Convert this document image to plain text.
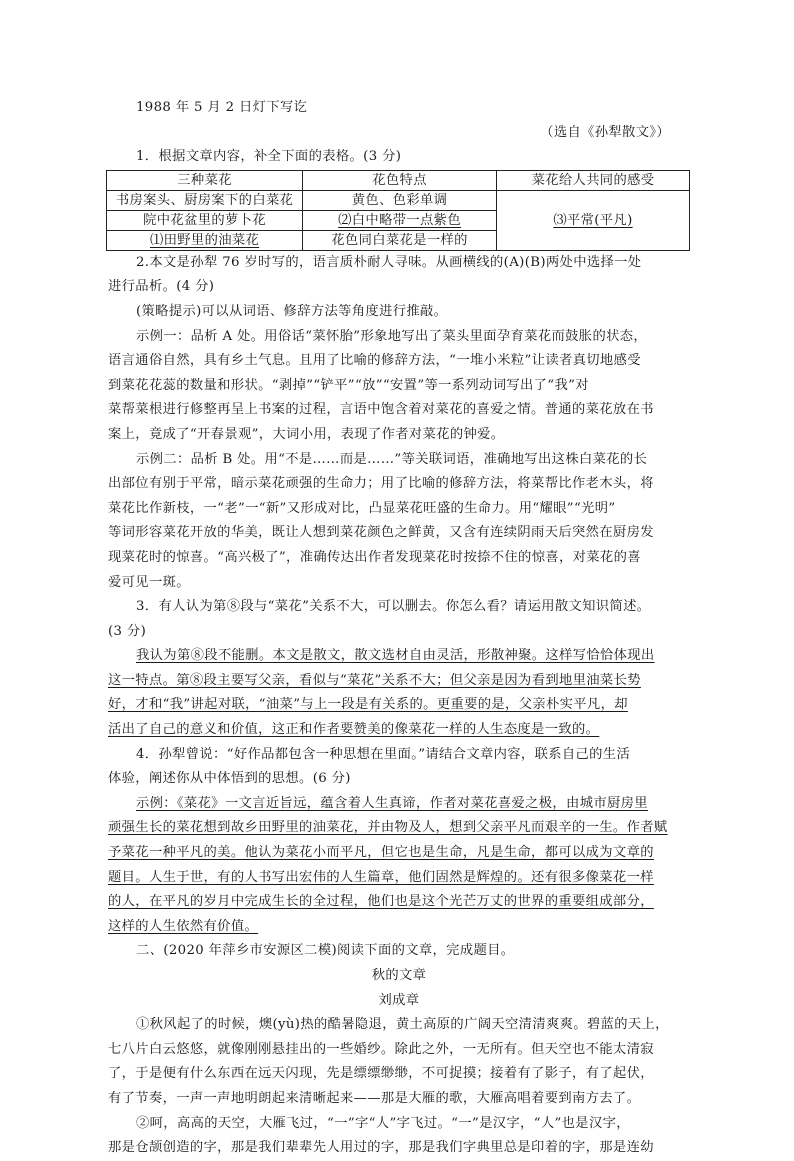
1988 年 5 月 2 日灯下写讫
（选自《孙犁散文》）
1．根据文章内容，补全下面的表格。(3 分)
三种菜花	花色特点	菜花给人共同的感受
书房案头、厨房案下的白菜花	黄色、色彩单调	⑶平常(平凡)
院中花盆里的萝卜花	⑵白中略带一点紫色	
⑴田野里的油菜花	花色同白菜花是一样的	
2.本文是孙犁 76 岁时写的，语言质朴耐人寻味。从画横线的(A)(B)两处中选择一处
进行品析。(4 分)
(策略提示)可以从词语、修辞方法等角度进行推敲。
示例一：品析 A 处。用俗话“菜怀胎”形象地写出了菜头里面孕育菜花而鼓胀的状态，
语言通俗自然，具有乡土气息。且用了比喻的修辞方法，“一堆小米粒”让读者真切地感受
到菜花花蕊的数量和形状。“剥掉”“铲平”“放”“安置”等一系列动词写出了“我”对
菜帮菜根进行修整再呈上书案的过程，言语中饱含着对菜花的喜爱之情。普通的菜花放在书
案上，竟成了“开春景观”，大词小用，表现了作者对菜花的钟爱。
示例二：品析 B 处。用“不是……而是……”等关联词语，准确地写出这株白菜花的长
出部位有别于平常，暗示菜花顽强的生命力；用了比喻的修辞方法，将菜帮比作老木头，将
菜花比作新枝，一“老”一“新”又形成对比，凸显菜花旺盛的生命力。用“耀眼”“光明”
等词形容菜花开放的华美，既让人想到菜花颜色之鲜黄，又含有连续阴雨天后突然在厨房发
现菜花时的惊喜。“高兴极了”，准确传达出作者发现菜花时按捺不住的惊喜，对菜花的喜
爱可见一斑。
3．有人认为第⑧段与“菜花”关系不大，可以删去。你怎么看？请运用散文知识简述。
(3 分)
我认为第⑧段不能删。本文是散文，散文选材自由灵活，形散神聚。这样写恰恰体现出
这一特点。第⑧段主要写父亲，看似与“菜花”关系不大；但父亲是因为看到地里油菜长势
好，才和“我”讲起对联，“油菜”与上一段是有关系的。更重要的是，父亲朴实平凡，却
活出了自己的意义和价值，这正和作者要赞美的像菜花一样的人生态度是一致的。
4．孙犁曾说：“好作品都包含一种思想在里面。”请结合文章内容，联系自己的生活
体验，阐述你从中体悟到的思想。(6 分)
示例：《菜花》一文言近旨远，蕴含着人生真谛，作者对菜花喜爱之极，由城市厨房里
顽强生长的菜花想到故乡田野里的油菜花，并由物及人，想到父亲平凡而艰辛的一生。作者赋
予菜花一种平凡的美。他认为菜花小而平凡，但它也是生命，凡是生命，都可以成为文章的
题目。人生于世，有的人书写出宏伟的人生篇章，他们固然是辉煌的。还有很多像菜花一样
的人，在平凡的岁月中完成生长的全过程，他们也是这个光芒万丈的世界的重要组成部分，
这样的人生依然有价值。
二、(2020 年萍乡市安源区二模)阅读下面的文章，完成题目。
秋的文章
刘成章
①秋风起了的时候，燠(yù)热的酷暑隐退，黄土高原的广阔天空清清爽爽。碧蓝的天上，
七八片白云悠悠，就像刚刚悬挂出的一些婚纱。除此之外，一无所有。但天空也不能太清寂
了，于是便有什么东西在远天闪现，先是缥缥缈缈，不可捉摸；接着有了影子，有了起伏，
有了节奏，一声一声地明朗起来清晰起来——那是大雁的歌，大雁高唱着要到南方去了。
②呵，高高的天空，大雁飞过，“一”字“人”字飞过。“一”是汉字，“人”也是汉字，
那是仓颉创造的字，那是我们辈辈先人用过的字，那是我们字典里总是印着的字，那是连幼
